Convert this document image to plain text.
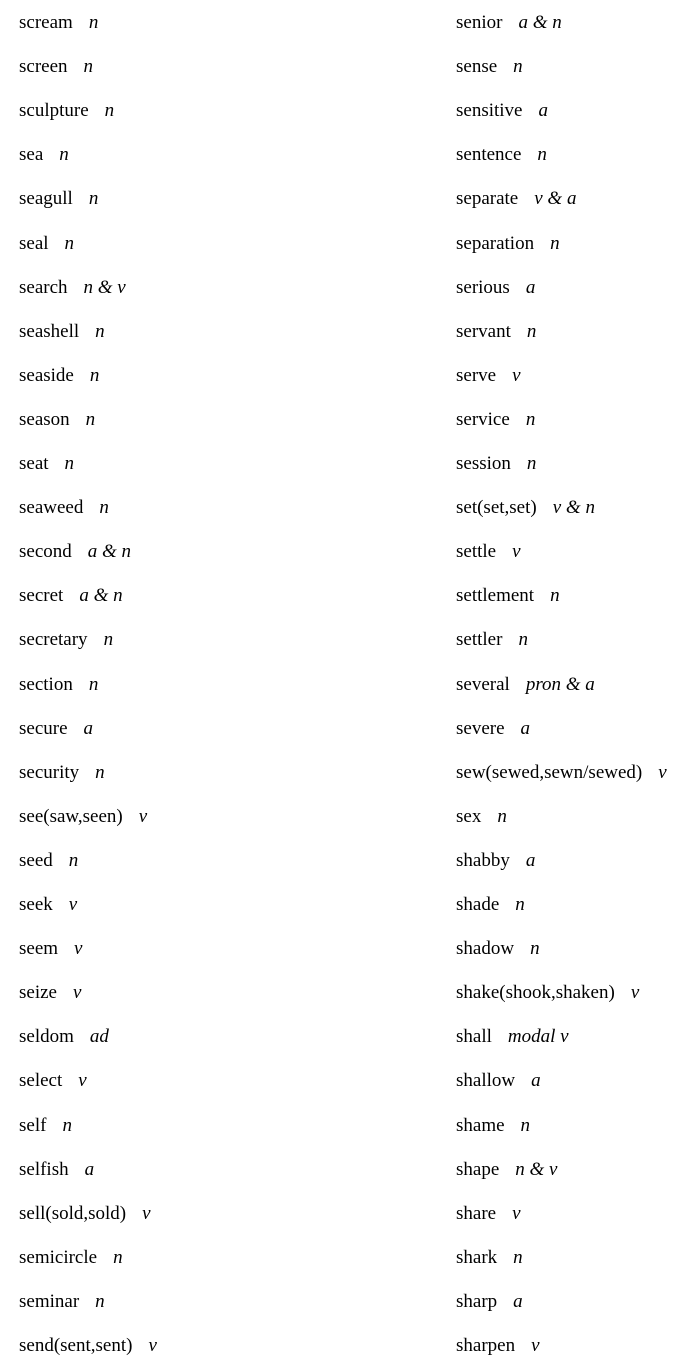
scream n
screen n
sculpture n
sea n
seagull n
seal n
search n & v
seashell n
seaside n
season n
seat n
seaweed n
second a & n
secret a & n
secretary n
section n
secure a
security n
see(saw,seen) v
seed n
seek v
seem v
seize v
seldom ad
select v
self n
selfish a
sell(sold,sold) v
semicircle n
seminar n
send(sent,sent) v
senior a & n
sense n
sensitive a
sentence n
separate v & a
separation n
serious a
servant n
serve v
service n
session n
set(set,set) v & n
settle v
settlement n
settler n
several pron & a
severe a
sew(sewed,sewn/sewed) v
sex n
shabby a
shade n
shadow n
shake(shook,shaken) v
shall modal v
shallow a
shame n
shape n & v
share v
shark n
sharp a
sharpen v
